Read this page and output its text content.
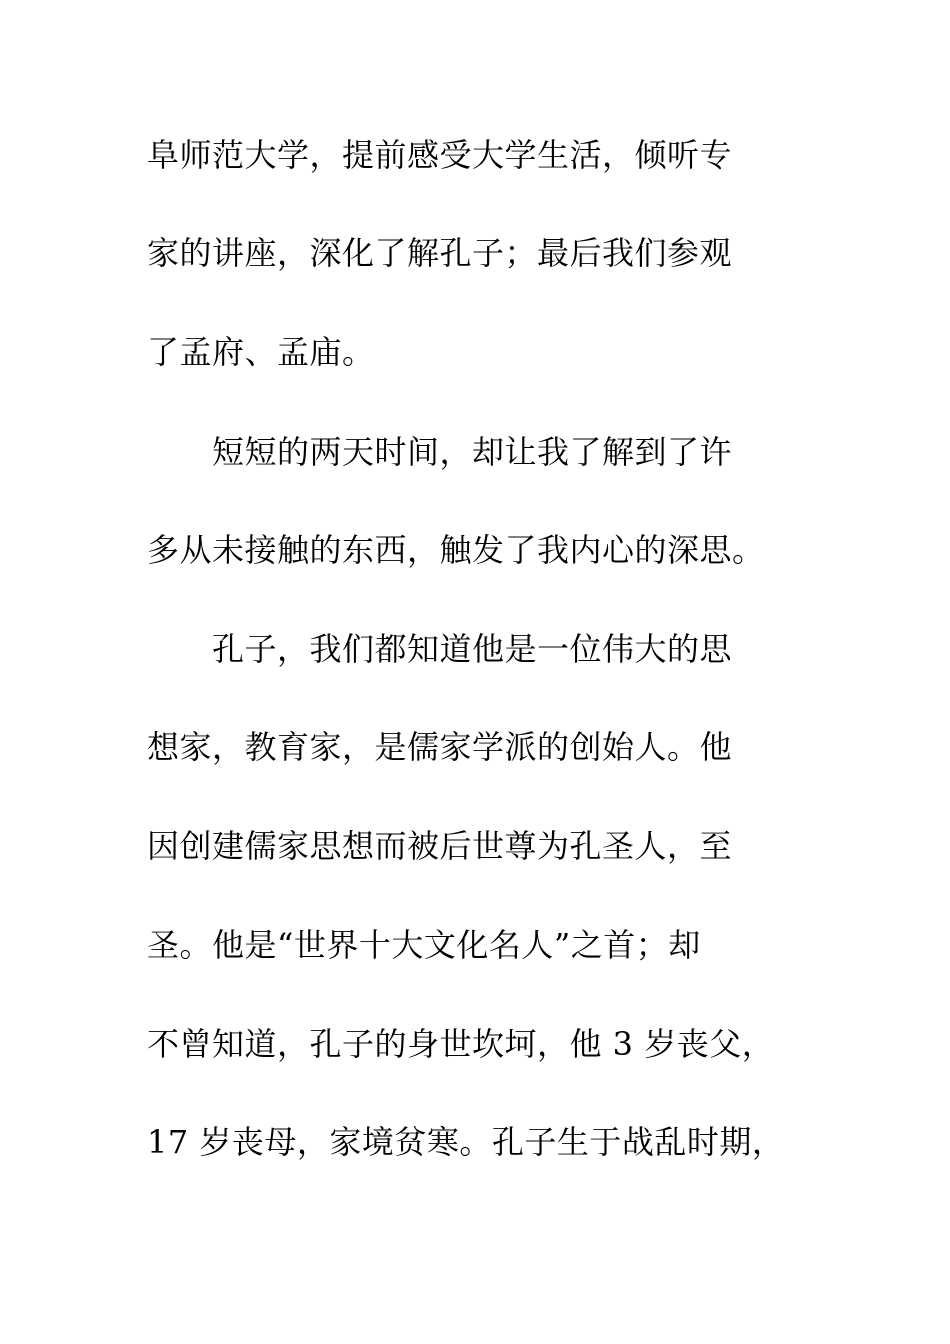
阜师范大学，提前感受大学生活，倾听专
家的讲座，深化了解孔子；最后我们参观
了孟府、孟庙。
　　短短的两天时间，却让我了解到了许
多从未接触的东西，触发了我内心的深思。
　　孔子，我们都知道他是一位伟大的思
想家，教育家，是儒家学派的创始人。他
因创建儒家思想而被后世尊为孔圣人，至
圣。他是“世界十大文化名人”之首；却
不曾知道，孔子的身世坎坷，他 3 岁丧父，
17 岁丧母，家境贫寒。孔子生于战乱时期，
